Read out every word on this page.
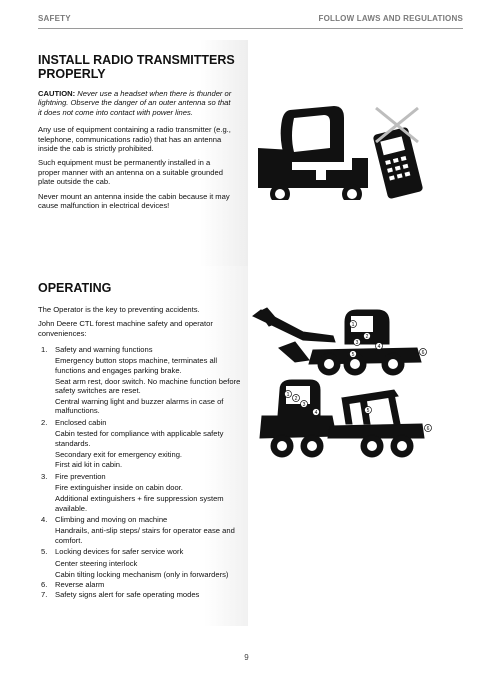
SAFETY	FOLLOW LAWS AND REGULATIONS
INSTALL RADIO TRANSMITTERS PROPERLY

CAUTION: Never use a headset when there is thunder or lightning. Observe the danger of an outer antenna so that it does not come into contact with power lines.

Any use of equipment containing a radio transmitter (e.g., telephone, communications radio) that has an antenna inside the cab is strictly prohibited.

Such equipment must be permanently installed in a proper manner with an antenna on a suitable grounded plate outside the cab.

Never mount an antenna inside the cabin because it may cause malfunction in electrical devices!

OPERATING

The Operator is the key to preventing accidents.

John Deere CTL forest machine safety and operator conveniences:

1. Safety and warning functions
Emergency button stops machine, terminates all functions and engages parking brake.
Seat arm rest, door switch. No machine function before safety switches are reset.
Central warning light and buzzer alarms in case of malfunctions.
2. Enclosed cabin
Cabin tested for compliance with applicable safety standards.
Secondary exit for emergency exiting.
First aid kit in cabin.
3. Fire prevention
Fire extinguisher inside on cabin door.
Additional extinguishers + fire suppression system available.
4. Climbing and moving on machine
Handrails, anti-slip steps/ stairs for operator ease and comfort.
5. Locking devices for safer service work
Center steering interlock
Cabin tilting locking mechanism (only in forwarders)
6. Reverse alarm
7. Safety signs alert for safe operating modes
1
2
3
4
5	6
1
2
3
4	5
6
9
